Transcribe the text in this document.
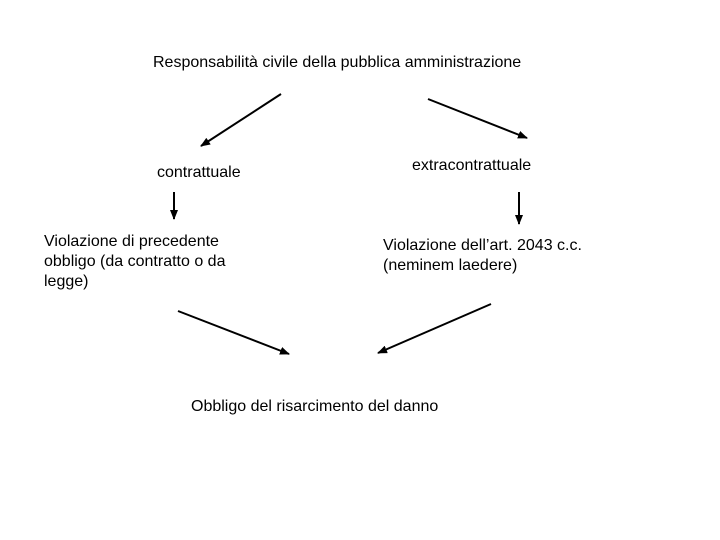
Responsabilità civile della pubblica amministrazione
contrattuale	extracontrattuale
Violazione di precedente obbligo (da contratto o da legge)
Violazione dell’art. 2043 c.c. (neminem laedere)
Obbligo del risarcimento del danno
